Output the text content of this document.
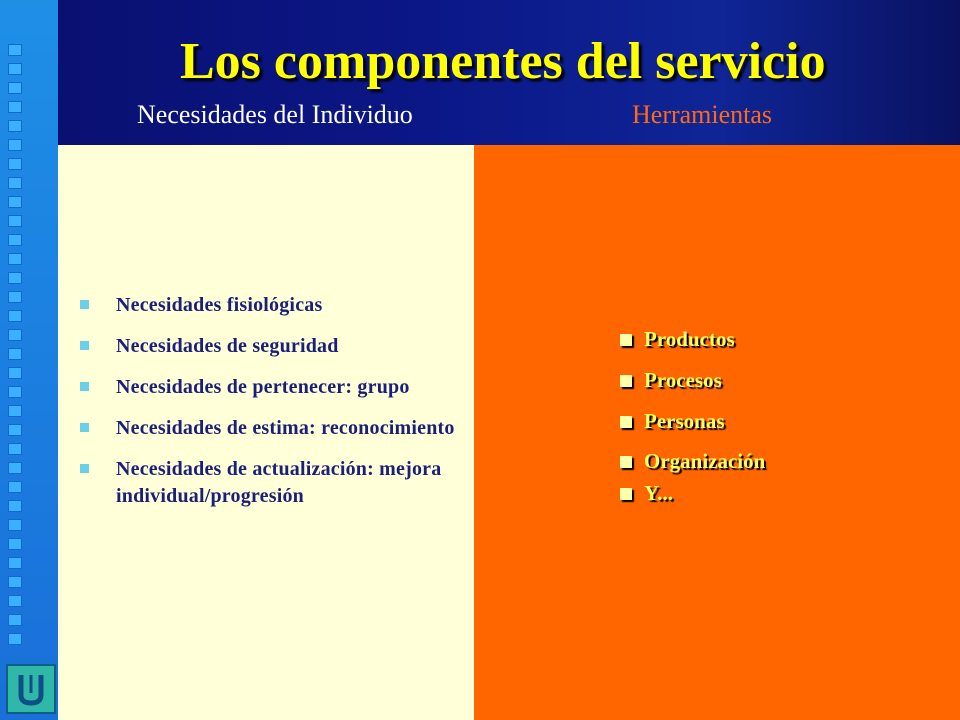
Los componentes del servicio
Necesidades del Individuo	Herramientas
Necesidades fisiológicas
Necesidades de seguridad
Necesidades de pertenecer: grupo
Necesidades de estima: reconocimiento
Necesidades de actualización: mejora individual/progresión
Productos
Procesos
Personas
Organización
Y...
